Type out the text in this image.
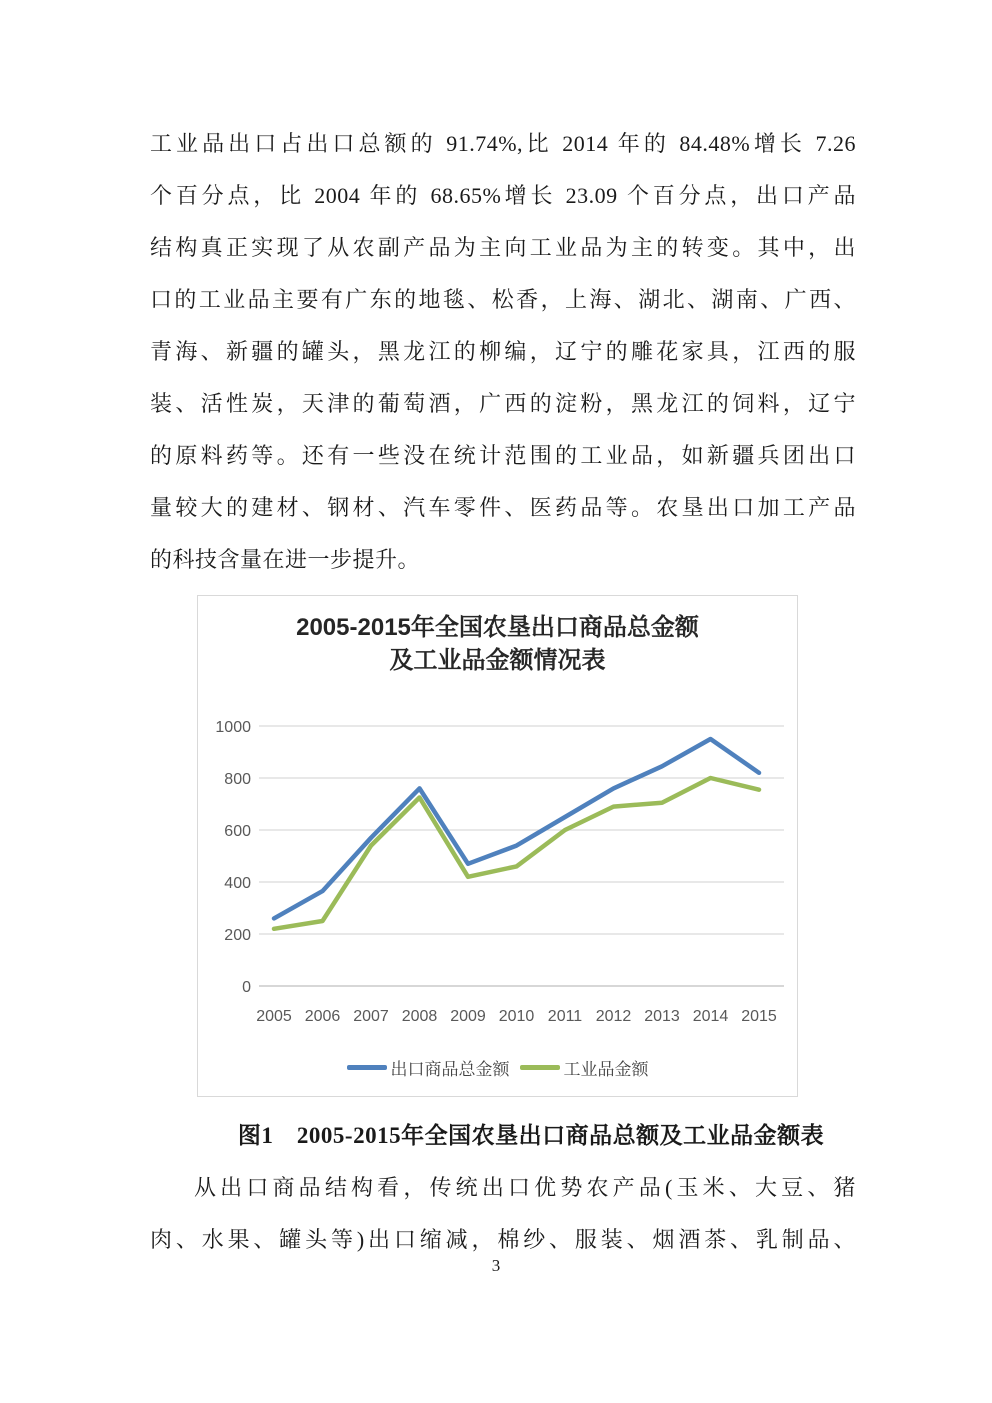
工业品出口占出口总额的 91.74%,比 2014 年的 84.48%增长 7.26
个百分点，比 2004 年的 68.65%增长 23.09 个百分点，出口产品
结构真正实现了从农副产品为主向工业品为主的转变。其中，出
口的工业品主要有广东的地毯、松香，上海、湖北、湖南、广西、
青海、新疆的罐头，黑龙江的柳编，辽宁的雕花家具，江西的服
装、活性炭，天津的葡萄酒，广西的淀粉，黑龙江的饲料，辽宁
的原料药等。还有一些没在统计范围的工业品，如新疆兵团出口
量较大的建材、钢材、汽车零件、医药品等。农垦出口加工产品
的科技含量在进一步提升。
2005-2015年全国农垦出口商品总金额
及工业品金额情况表
0
200
400
600
800
1000
2005 2006 2007 2008 2009 2010 2011 2012 2013 2014 2015
出口商品总金额	工业品金额
图1　2005-2015年全国农垦出口商品总额及工业品金额表
从出口商品结构看，传统出口优势农产品(玉米、大豆、猪
肉、水果、罐头等)出口缩减，棉纱、服装、烟酒茶、乳制品、
3
